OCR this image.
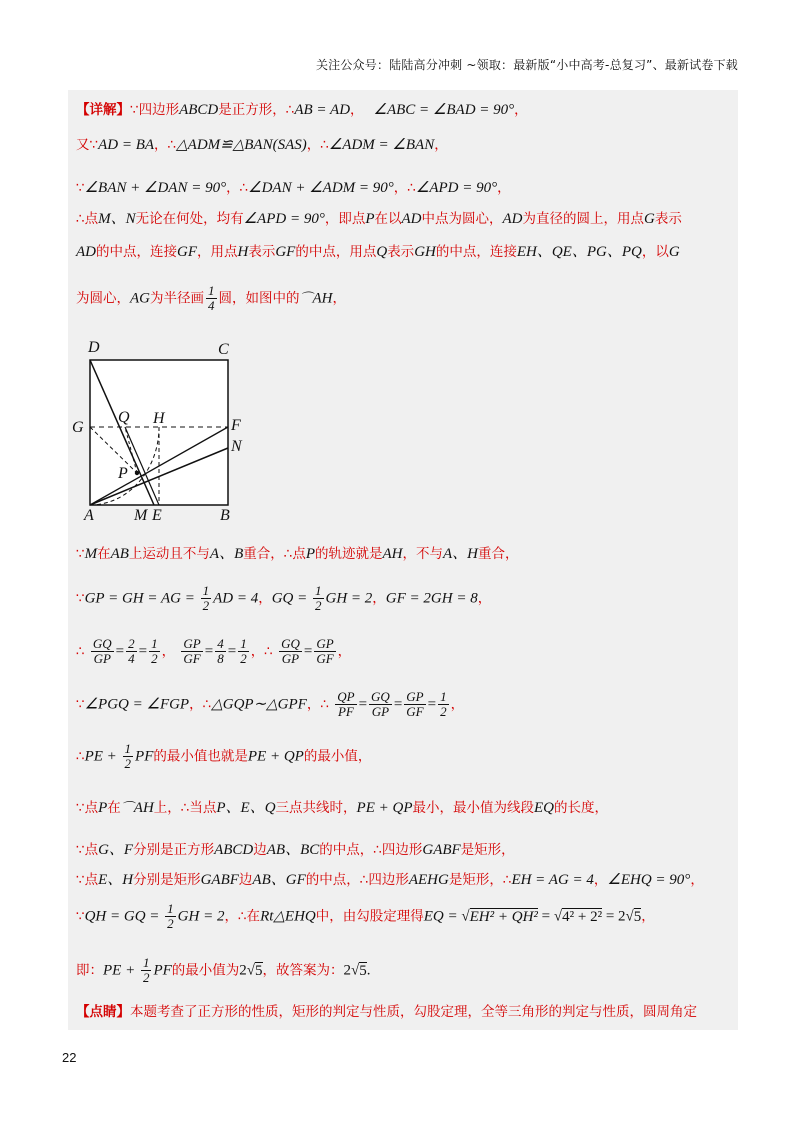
关注公众号：陆陆高分冲刺 ~领取：最新版“小中高考-总复习”、最新试卷下载
【详解】∵四边形ABCD是正方形，∴AB = AD， ∠ABC = ∠BAD = 90°，
又∵AD = BA，∴△ADM≌△BAN(SAS)，∴∠ADM = ∠BAN，
∵∠BAN + ∠DAN = 90°，∴∠DAN + ∠ADM = 90°，∴∠APD = 90°，
∴点M、N无论在何处，均有∠APD = 90°，即点P在以AD中点为圆心，AD为直径的圆上，用点G表示
AD的中点，连接GF，用点H表示GF的中点，用点Q表示GH的中点，连接EH、QE、PG、PQ，以G
为圆心，AG为半径画 $\frac{1}{4}$ 圆，如图中的⌒AH，
∵M在AB上运动且不与A、B重合，∴点P的轨迹就是AH，不与A、H重合，
∵GP = GH = AG = $\frac{1}{2}$ AD = 4，GQ = $\frac{1}{2}$ GH = 2，GF = 2GH = 8，
∴ $\frac{GQ}{GP} = \frac{2}{4} = \frac{1}{2}$ ， $\frac{GP}{GF} = \frac{4}{8} = \frac{1}{2}$ ，∴ $\frac{GQ}{GP} = \frac{GP}{GF}$ ，
∵∠PGQ = ∠FGP，∴△GQP∼△GPF，∴ $\frac{QP}{PF} = \frac{GQ}{GP} = \frac{GP}{GF} = \frac{1}{2}$ ，
∴PE + $\frac{1}{2}$ PF的最小值也就是PE + QP的最小值，
∵点P在⌒AH上，∴当点P、E、Q三点共线时，PE + QP最小，最小值为线段EQ的长度，
∵点G、F分别是正方形ABCD边AB、BC的中点，∴四边形GABF是矩形，
∵点E、H分别是矩形GABF边AB、GF的中点，∴四边形AEHG是矩形，∴EH = AG = 4，∠EHQ = 90°，
∵QH = GQ = $\frac{1}{2}$ GH = 2，∴在Rt△EHQ中，由勾股定理得EQ = √EH² + QH² = √4² + 2² = 2√5，
即：PE + $\frac{1}{2}$ PF的最小值为2√5，故答案为：2√5.
【点睛】本题考查了正方形的性质，矩形的判定与性质，勾股定理，全等三角形的判定与性质，圆周角定
D	C
G
Q H	F
N
P
A	M E	B
22
